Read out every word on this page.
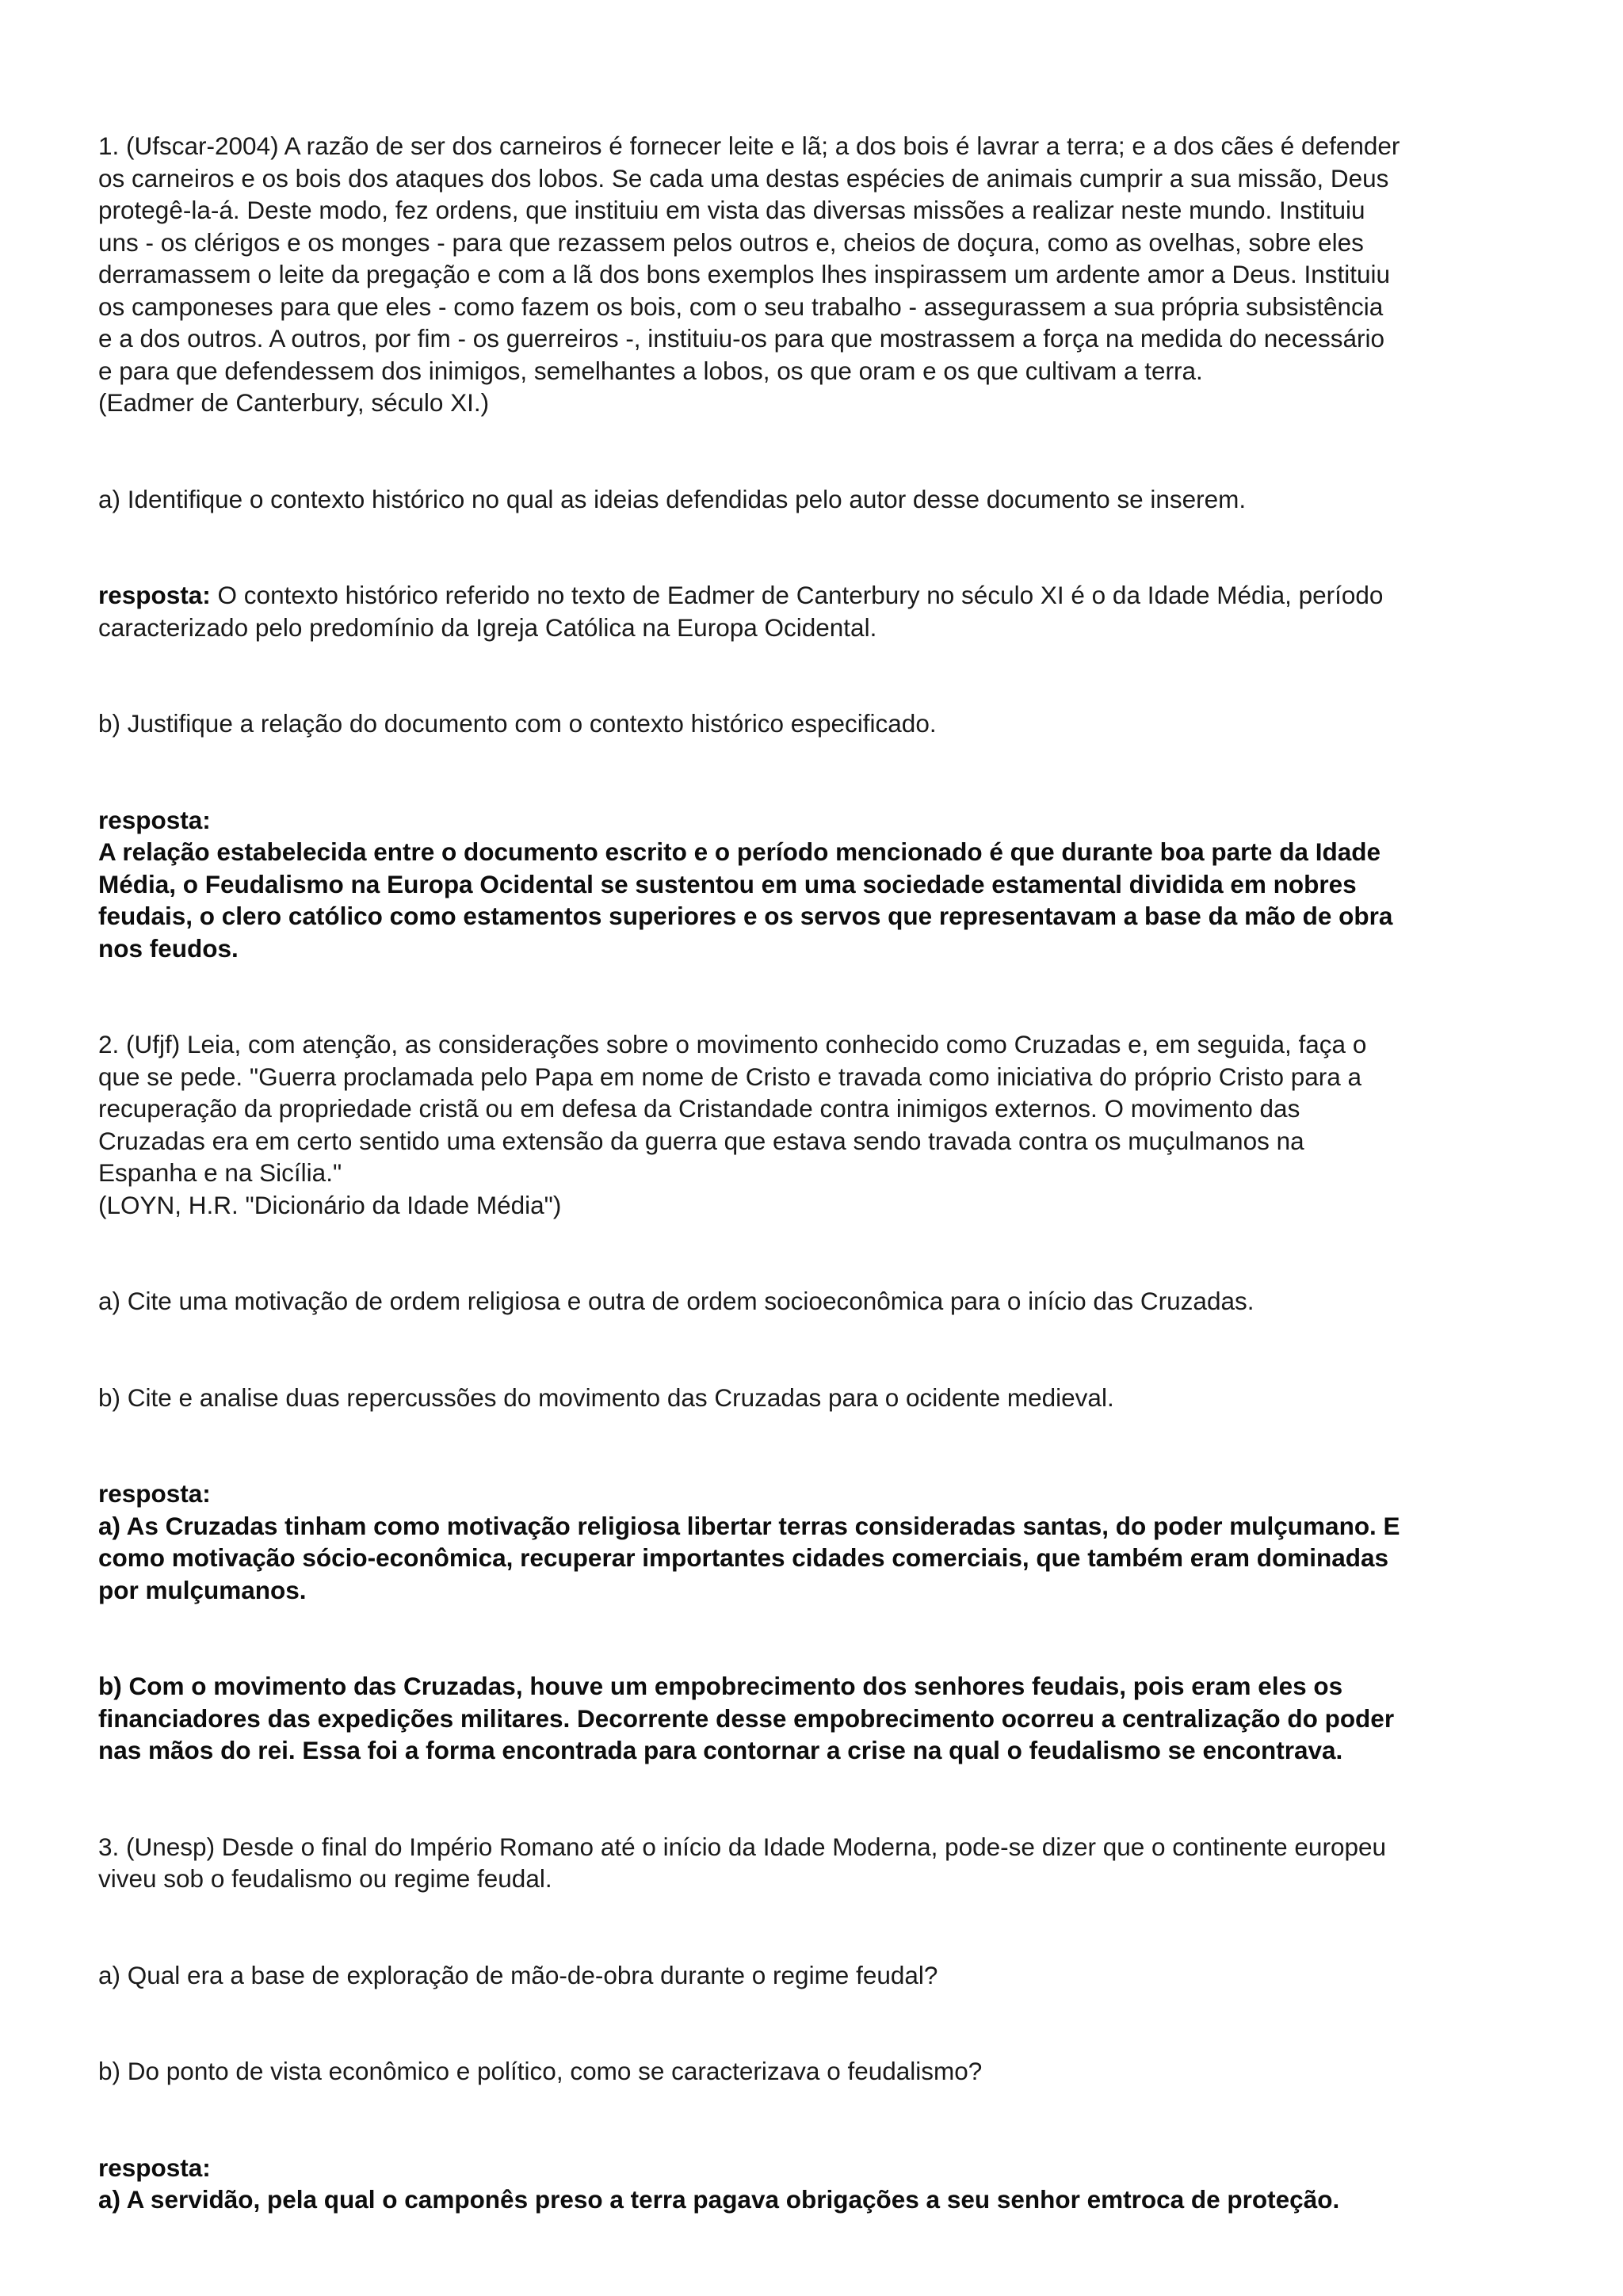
1. (Ufscar-2004) A razão de ser dos carneiros é fornecer leite e lã; a dos bois é lavrar a terra; e a dos cães é defender
os carneiros e os bois dos ataques dos lobos. Se cada uma destas espécies de animais cumprir a sua missão, Deus
protegê-la-á. Deste modo, fez ordens, que instituiu em vista das diversas missões a realizar neste mundo. Instituiu
uns - os clérigos e os monges - para que rezassem pelos outros e, cheios de doçura, como as ovelhas, sobre eles
derramassem o leite da pregação e com a lã dos bons exemplos lhes inspirassem um ardente amor a Deus. Instituiu
os camponeses para que eles - como fazem os bois, com o seu trabalho - assegurassem a sua própria subsistência
e a dos outros. A outros, por fim - os guerreiros -, instituiu-os para que mostrassem a força na medida do necessário
e para que defendessem dos inimigos, semelhantes a lobos, os que oram e os que cultivam a terra.
(Eadmer de Canterbury, século XI.)
a) Identifique o contexto histórico no qual as ideias defendidas pelo autor desse documento se inserem.
resposta: O contexto histórico referido no texto de Eadmer de Canterbury no século XI é o da Idade Média, período
caracterizado pelo predomínio da Igreja Católica na Europa Ocidental.
b) Justifique a relação do documento com o contexto histórico especificado.
resposta:
A relação estabelecida entre o documento escrito e o período mencionado é que durante boa parte da Idade
Média, o Feudalismo na Europa Ocidental se sustentou em uma sociedade estamental dividida em nobres
feudais, o clero católico como estamentos superiores e os servos que representavam a base da mão de obra
nos feudos.
2. (Ufjf) Leia, com atenção, as considerações sobre o movimento conhecido como Cruzadas e, em seguida, faça o
que se pede. "Guerra proclamada pelo Papa em nome de Cristo e travada como iniciativa do próprio Cristo para a
recuperação da propriedade cristã ou em defesa da Cristandade contra inimigos externos. O movimento das
Cruzadas era em certo sentido uma extensão da guerra que estava sendo travada contra os muçulmanos na
Espanha e na Sicília."
(LOYN, H.R. "Dicionário da Idade Média")
a) Cite uma motivação de ordem religiosa e outra de ordem socioeconômica para o início das Cruzadas.
b) Cite e analise duas repercussões do movimento das Cruzadas para o ocidente medieval.
resposta:
a) As Cruzadas tinham como motivação religiosa libertar terras consideradas santas, do poder mulçumano. E
como motivação sócio-econômica, recuperar importantes cidades comerciais, que também eram dominadas
por mulçumanos.
b) Com o movimento das Cruzadas, houve um empobrecimento dos senhores feudais, pois eram eles os
financiadores das expedições militares. Decorrente desse empobrecimento ocorreu a centralização do poder
nas mãos do rei. Essa foi a forma encontrada para contornar a crise na qual o feudalismo se encontrava.
3. (Unesp) Desde o final do Império Romano até o início da Idade Moderna, pode-se dizer que o continente europeu
viveu sob o feudalismo ou regime feudal.
a) Qual era a base de exploração de mão-de-obra durante o regime feudal?
b) Do ponto de vista econômico e político, como se caracterizava o feudalismo?
resposta:
a) A servidão, pela qual o camponês preso a terra pagava obrigações a seu senhor emtroca de proteção.
